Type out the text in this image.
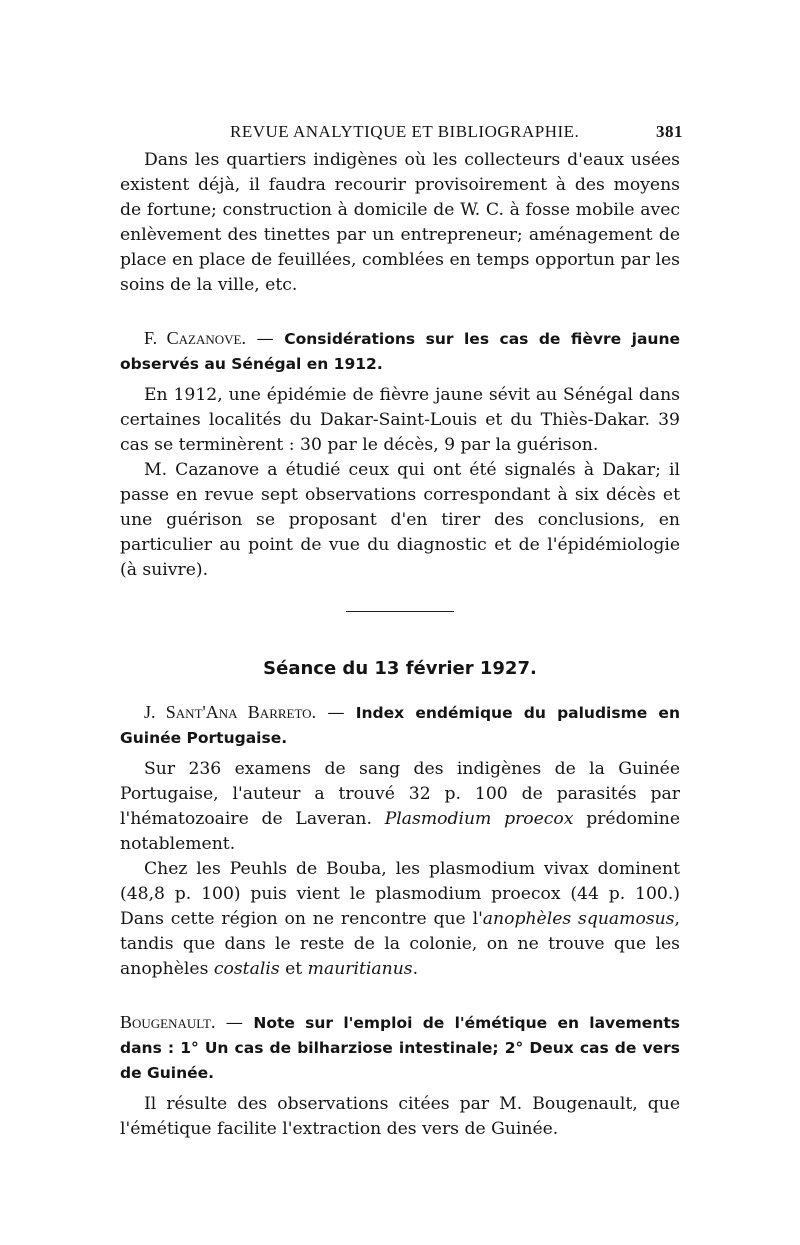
REVUE ANALYTIQUE ET BIBLIOGRAPHIE.	381

Dans les quartiers indigènes où les collecteurs d'eaux usées existent déjà, il faudra recourir provisoirement à des moyens de fortune; construction à domicile de W. C. à fosse mobile avec enlèvement des tinettes par un entrepreneur; aménagement de place en place de feuillées, comblées en temps opportun par les soins de la ville, etc.

F. Cazanove. — Considérations sur les cas de fièvre jaune observés au Sénégal en 1912.

En 1912, une épidémie de fièvre jaune sévit au Sénégal dans certaines localités du Dakar-Saint-Louis et du Thiès-Dakar. 39 cas se terminèrent : 30 par le décès, 9 par la guérison.

M. Cazanove a étudié ceux qui ont été signalés à Dakar; il passe en revue sept observations correspondant à six décès et une guérison se proposant d'en tirer des conclusions, en particulier au point de vue du diagnostic et de l'épidémiologie (à suivre).

Séance du 13 février 1927.

J. Sant'Ana Barreto. — Index endémique du paludisme en Guinée Portugaise.

Sur 236 examens de sang des indigènes de la Guinée Portugaise, l'auteur a trouvé 32 p. 100 de parasités par l'hématozoaire de Laveran. Plasmodium proecox prédomine notablement.

Chez les Peuhls de Bouba, les plasmodium vivax dominent (48,8 p. 100) puis vient le plasmodium proecox (44 p. 100.) Dans cette région on ne rencontre que l'anophèles squamosus, tandis que dans le reste de la colonie, on ne trouve que les anophèles costalis et mauritianus.

Bougenault. — Note sur l'emploi de l'émétique en lavements dans : 1° Un cas de bilharziose intestinale; 2° Deux cas de vers de Guinée.

Il résulte des observations citées par M. Bougenault, que l'émétique facilite l'extraction des vers de Guinée.
